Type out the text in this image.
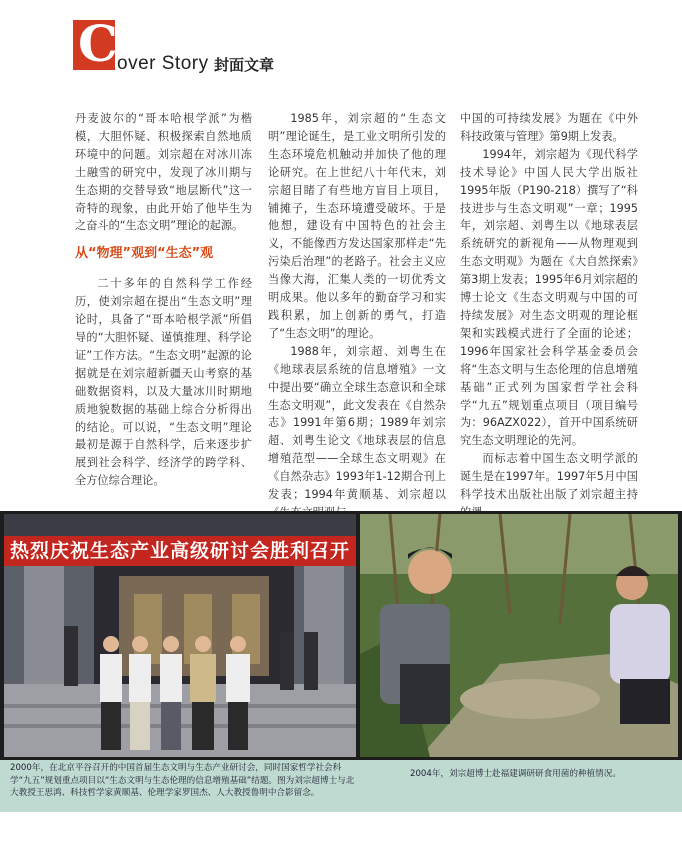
C over Story 封面文章

丹麦波尔的“哥本哈根学派”为楷模，大胆怀疑、积极探索自然地质环境中的问题。刘宗超在对冰川冻土融雪的研究中，发现了冰川期与生态期的交替导致“地层断代”这一奇特的现象，由此开始了他毕生为之奋斗的“生态文明”理论的起源。

从“物理”观到“生态”观

二十多年的自然科学工作经历，使刘宗超在提出“生态文明”理论时，具备了“哥本哈根学派”所倡导的“大胆怀疑、谨慎推理、科学论证”工作方法。“生态文明”起源的论据就是在刘宗超新疆天山考察的基础数据资料，以及大量冰川时期地质地貌数据的基础上综合分析得出的结论。可以说，“生态文明”理论最初是源于自然科学，后来逐步扩展到社会科学、经济学的跨学科、全方位综合理论。

1985年，刘宗超的“生态文明”理论诞生，是工业文明所引发的生态环境危机触动并加快了他的理论研究。在上世纪八十年代末，刘宗超目睹了有些地方盲目上项目，铺摊子，生态环境遭受破坏。于是他想，建设有中国特色的社会主义，不能像西方发达国家那样走“先污染后治理”的老路子。社会主义应当像大海，汇集人类的一切优秀文明成果。他以多年的勤奋学习和实践积累，加上创新的勇气，打造了“生态文明”的理论。

1988年，刘宗超、刘粤生在《地球表层系统的信息增殖》一文中提出要“确立全球生态意识和全球生态文明观”，此文发表在《自然杂志》1991年第6期；1989年刘宗超、刘粤生论文《地球表层的信息增殖范型——全球生态文明观》在《自然杂志》1993年1-12期合刊上发表；1994年黄顺基、刘宗超以

中国的可持续发展》为题在《中外科技政策与管理》第9期上发表。

1994年，刘宗超为《现代科学技术导论》中国人民大学出版社1995年版（P190-218）撰写了“科技进步与生态文明观”一章；1995年，刘宗超、刘粤生以《地球表层系统研究的新视角——从物理观到生态文明观》为题在《大自然探索》第3期上发表；1995年6月刘宗超的博士论文《生态文明观与中国的可持续发展》对生态文明观的理论框架和实践模式进行了全面的论述；1996年国家社会科学基金委员会将“生态文明与生态伦理的信息增殖基础”正式列为国家哲学社会科学“九五”规划重点项目（项目编号为：96AZX022），首开中国系统研究生态文明理论的先河。

而标志着中国生态文明学派的诞生是在1997年。1997年5月中国科学技术出版社出版了刘宗超主持

热烈庆祝生态产业高级研讨会胜利召开
2000年，在北京平谷召开的中国首届生态文明与生态产业研讨会，同时国家哲学社会科学“九五”规划重点项目以“生态文明与生态伦理的信息增殖基础”结题。图为刘宗超博士与北大教授王思鸿、科技哲学家黄顺基、伦理学家罗国杰、人大教授鲁明中合影留念。
2004年，刘宗超博士赴福建调研研食用菌的种植情况。
